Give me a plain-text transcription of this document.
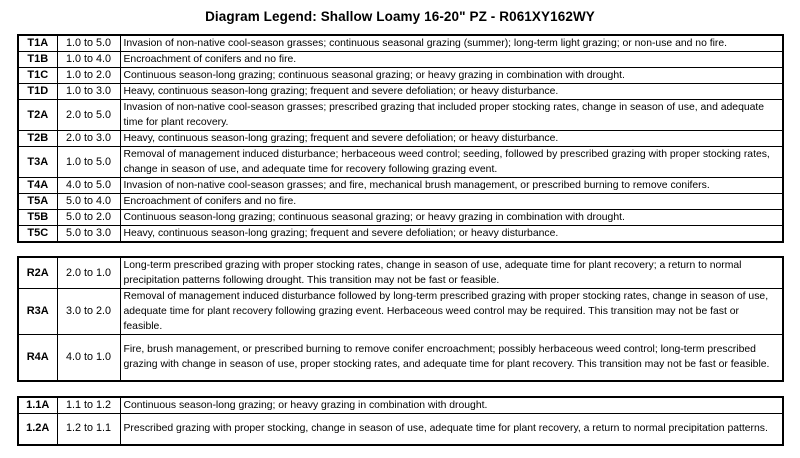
Diagram Legend: Shallow Loamy 16-20" PZ - R061XY162WY
T1A	1.0 to 5.0	Invasion of non-native cool-season grasses; continuous seasonal grazing (summer); long-term light grazing; or non-use and no fire.
T1B	1.0 to 4.0	Encroachment of conifers and no fire.
T1C	1.0 to 2.0	Continuous season-long grazing; continuous seasonal grazing; or heavy grazing in combination with drought.
T1D	1.0 to 3.0	Heavy, continuous season-long grazing; frequent and severe defoliation; or heavy disturbance.
T2A	2.0 to 5.0	Invasion of non-native cool-season grasses; prescribed grazing that included proper stocking rates, change in season of use, and adequate time for plant recovery.
T2B	2.0 to 3.0	Heavy, continuous season-long grazing; frequent and severe defoliation; or heavy disturbance.
T3A	1.0 to 5.0	Removal of management induced disturbance; herbaceous weed control; seeding, followed by prescribed grazing with proper stocking rates, change in season of use, and adequate time for recovery following grazing event.
T4A	4.0 to 5.0	Invasion of non-native cool-season grasses; and fire, mechanical brush management, or prescribed burning to remove conifers.
T5A	5.0 to 4.0	Encroachment of conifers and no fire.
T5B	5.0 to 2.0	Continuous season-long grazing; continuous seasonal grazing; or heavy grazing in combination with drought.
T5C	5.0 to 3.0	Heavy, continuous season-long grazing; frequent and severe defoliation; or heavy disturbance.
R2A	2.0 to 1.0	Long-term prescribed grazing with proper stocking rates, change in season of use, adequate time for plant recovery; a return to normal precipitation patterns following drought. This transition may not be fast or feasible.
R3A	3.0 to 2.0	Removal of management induced disturbance followed by long-term prescribed grazing with proper stocking rates, change in season of use, adequate time for plant recovery following grazing event. Herbaceous weed control may be required. This transition may not be fast or feasible.
R4A	4.0 to 1.0	Fire, brush management, or prescribed burning to remove conifer encroachment; possibly herbaceous weed control; long-term prescribed grazing with change in season of use, proper stocking rates, and adequate time for plant recovery. This transition may not be fast or feasible.
1.1A	1.1 to 1.2	Continuous season-long grazing; or heavy grazing in combination with drought.
1.2A	1.2 to 1.1	Prescribed grazing with proper stocking, change in season of use, adequate time for plant recovery, a return to normal precipitation patterns.
